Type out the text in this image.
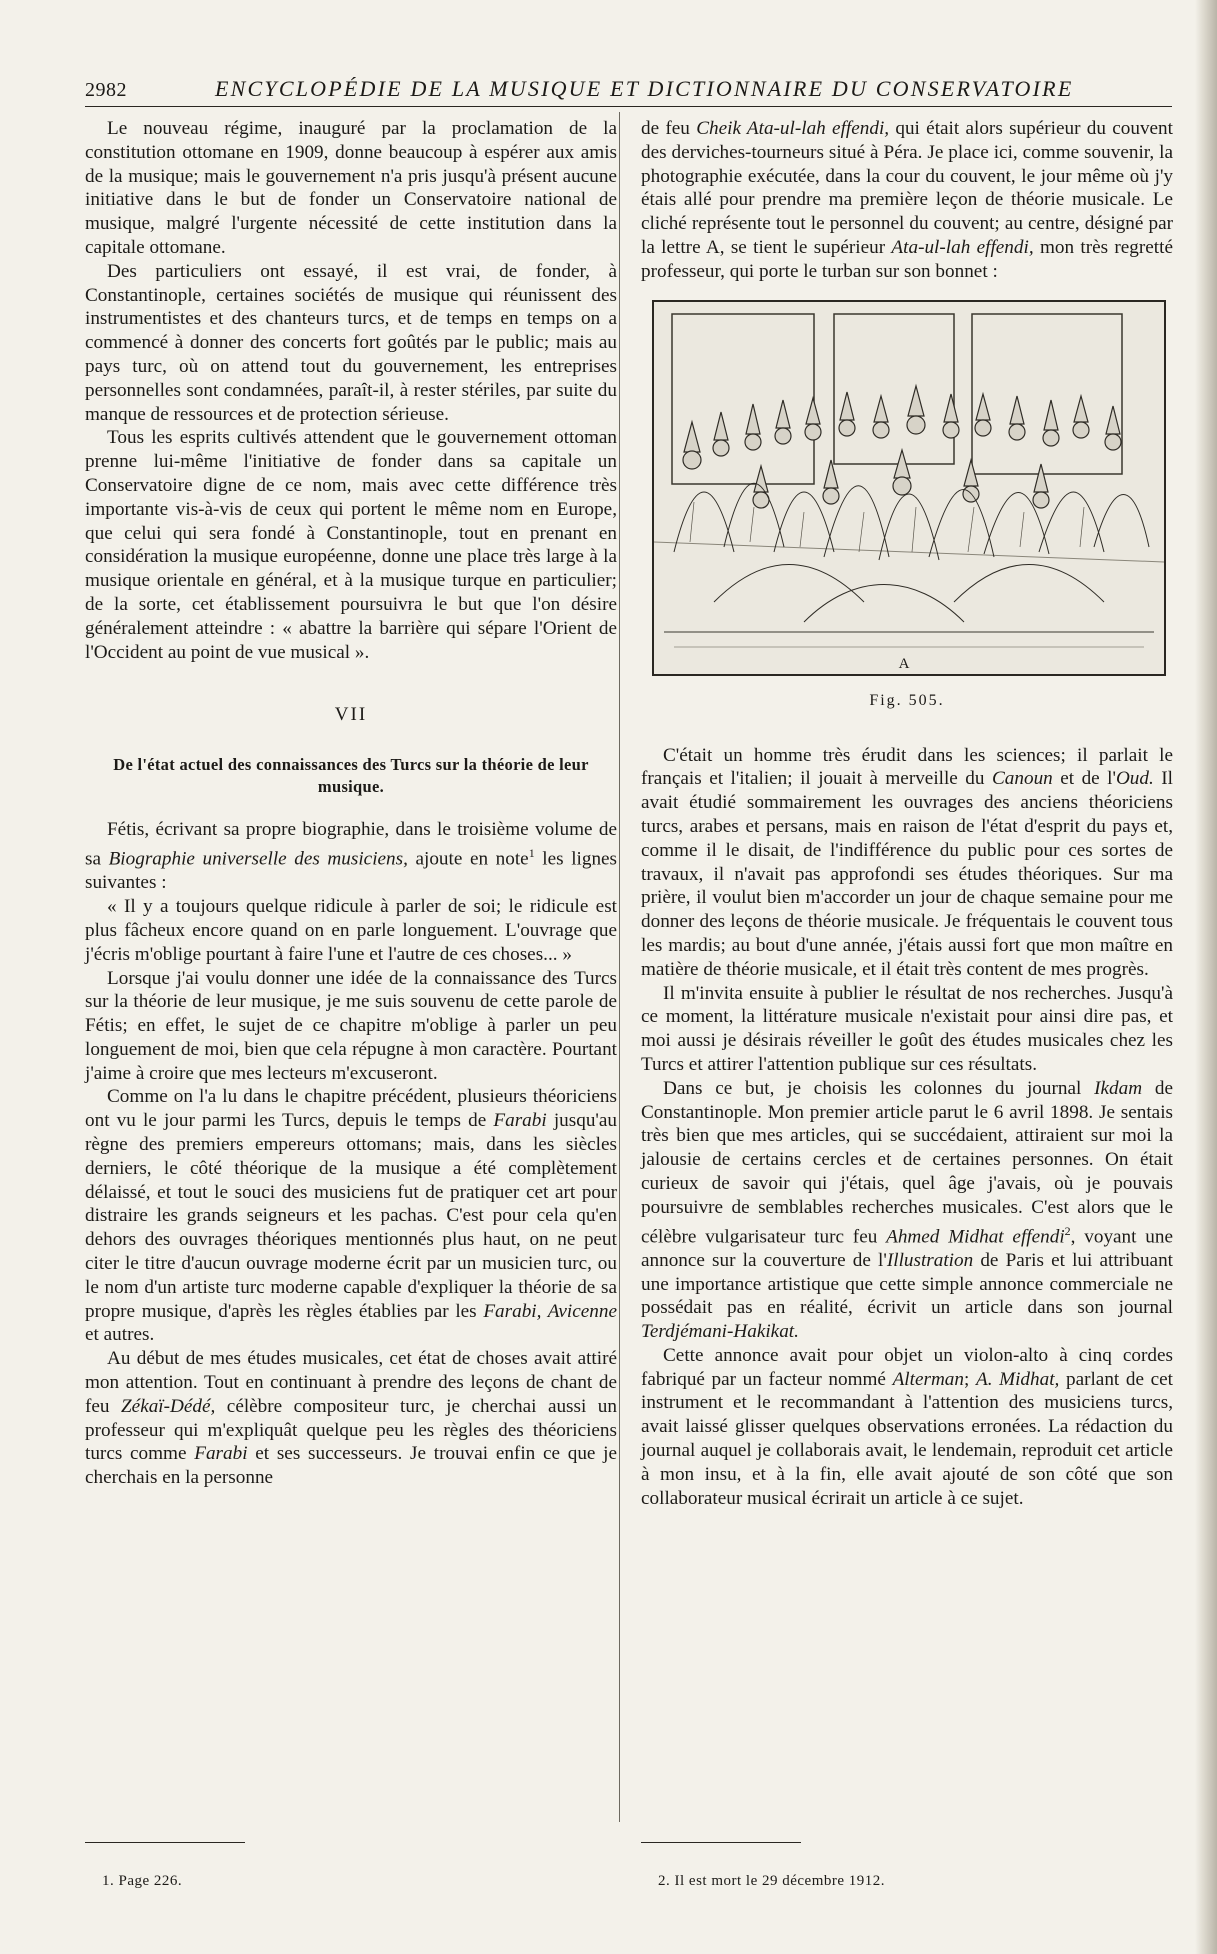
2982	ENCYCLOPÉDIE DE LA MUSIQUE ET DICTIONNAIRE DU CONSERVATOIRE

Le nouveau régime, inauguré par la proclamation de la constitution ottomane en 1909, donne beaucoup à espérer aux amis de la musique; mais le gouvernement n'a pris jusqu'à présent aucune initiative dans le but de fonder un Conservatoire national de musique, malgré l'urgente nécessité de cette institution dans la capitale ottomane.

Des particuliers ont essayé, il est vrai, de fonder, à Constantinople, certaines sociétés de musique qui réunissent des instrumentistes et des chanteurs turcs, et de temps en temps on a commencé à donner des concerts fort goûtés par le public; mais au pays turc, où on attend tout du gouvernement, les entreprises personnelles sont condamnées, paraît-il, à rester stériles, par suite du manque de ressources et de protection sérieuse.

Tous les esprits cultivés attendent que le gouvernement ottoman prenne lui-même l'initiative de fonder dans sa capitale un Conservatoire digne de ce nom, mais avec cette différence très importante vis-à-vis de ceux qui portent le même nom en Europe, que celui qui sera fondé à Constantinople, tout en prenant en considération la musique européenne, donne une place très large à la musique orientale en général, et à la musique turque en particulier; de la sorte, cet établissement poursuivra le but que l'on désire généralement atteindre : « abattre la barrière qui sépare l'Orient de l'Occident au point de vue musical ».

VII
De l'état actuel des connaissances des Turcs sur la théorie de leur musique.

Fétis, écrivant sa propre biographie, dans le troisième volume de sa Biographie universelle des musiciens, ajoute en note$^1$ les lignes suivantes :

« Il y a toujours quelque ridicule à parler de soi; le ridicule est plus fâcheux encore quand on en parle longuement. L'ouvrage que j'écris m'oblige pourtant à faire l'une et l'autre de ces choses... »

Lorsque j'ai voulu donner une idée de la connaissance des Turcs sur la théorie de leur musique, je me suis souvenu de cette parole de Fétis; en effet, le sujet de ce chapitre m'oblige à parler un peu longuement de moi, bien que cela répugne à mon caractère. Pourtant j'aime à croire que mes lecteurs m'excuseront.

Comme on l'a lu dans le chapitre précédent, plusieurs théoriciens ont vu le jour parmi les Turcs, depuis le temps de Farabi jusqu'au règne des premiers empereurs ottomans; mais, dans les siècles derniers, le côté théorique de la musique a été complètement délaissé, et tout le souci des musiciens fut de pratiquer cet art pour distraire les grands seigneurs et les pachas. C'est pour cela qu'en dehors des ouvrages théoriques mentionnés plus haut, on ne peut citer le titre d'aucun ouvrage moderne écrit par un musicien turc, ou le nom d'un artiste turc moderne capable d'expliquer la théorie de sa propre musique, d'après les règles établies par les Farabi, Avicenne et autres.

Au début de mes études musicales, cet état de choses avait attiré mon attention. Tout en continuant à prendre des leçons de chant de feu Zékaï-Dédé, célèbre compositeur turc, je cherchai aussi un professeur qui m'expliquât quelque peu les règles des théoriciens turcs comme Farabi et ses successeurs. Je trouvai enfin ce que je cherchais en la personne

de feu Cheik Ata-ul-lah effendi, qui était alors supérieur du couvent des derviches-tourneurs situé à Péra. Je place ici, comme souvenir, la photographie exécutée, dans la cour du couvent, le jour même où j'y étais allé pour prendre ma première leçon de théorie musicale. Le cliché représente tout le personnel du couvent; au centre, désigné par la lettre A, se tient le supérieur Ata-ul-lah effendi, mon très regretté professeur, qui porte le turban sur son bonnet :

A
Fig. 505.

C'était un homme très érudit dans les sciences; il parlait le français et l'italien; il jouait à merveille du Canoun et de l'Oud. Il avait étudié sommairement les ouvrages des anciens théoriciens turcs, arabes et persans, mais en raison de l'état d'esprit du pays et, comme il le disait, de l'indifférence du public pour ces sortes de travaux, il n'avait pas approfondi ses études théoriques. Sur ma prière, il voulut bien m'accorder un jour de chaque semaine pour me donner des leçons de théorie musicale. Je fréquentais le couvent tous les mardis; au bout d'une année, j'étais aussi fort que mon maître en matière de théorie musicale, et il était très content de mes progrès.

Il m'invita ensuite à publier le résultat de nos recherches. Jusqu'à ce moment, la littérature musicale n'existait pour ainsi dire pas, et moi aussi je désirais réveiller le goût des études musicales chez les Turcs et attirer l'attention publique sur ces résultats.

Dans ce but, je choisis les colonnes du journal Ikdam de Constantinople. Mon premier article parut le 6 avril 1898. Je sentais très bien que mes articles, qui se succédaient, attiraient sur moi la jalousie de certains cercles et de certaines personnes. On était curieux de savoir qui j'étais, quel âge j'avais, où je pouvais poursuivre de semblables recherches musicales. C'est alors que le célèbre vulgarisateur turc feu Ahmed Midhat effendi$^2$, voyant une annonce sur la couverture de l'Illustration de Paris et lui attribuant une importance artistique que cette simple annonce commerciale ne possédait pas en réalité, écrivit un article dans son journal Terdjémani-Hakikat.

Cette annonce avait pour objet un violon-alto à cinq cordes fabriqué par un facteur nommé Alterman; A. Midhat, parlant de cet instrument et le recommandant à l'attention des musiciens turcs, avait laissé glisser quelques observations erronées. La rédaction du journal auquel je collaborais avait, le lendemain, reproduit cet article à mon insu, et à la fin, elle avait ajouté de son côté que son collaborateur musical écrirait un article à ce sujet.

1. Page 226.	2. Il est mort le 29 décembre 1912.
